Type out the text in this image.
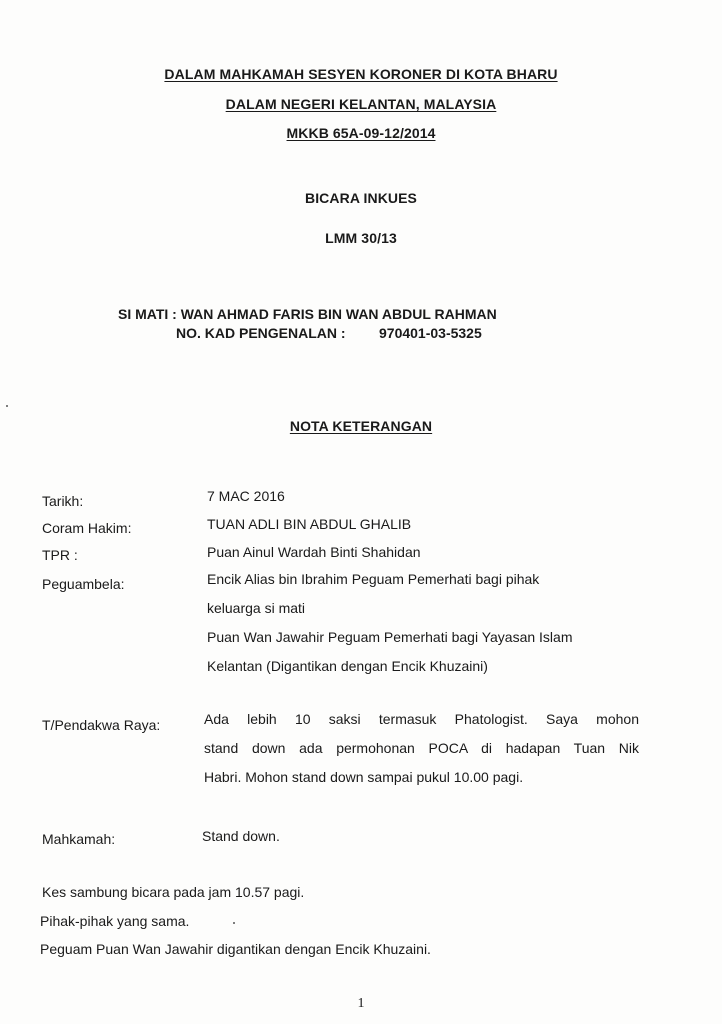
DALAM MAHKAMAH SESYEN KORONER DI KOTA BHARU
DALAM NEGERI KELANTAN, MALAYSIA
MKKB 65A-09-12/2014
BICARA INKUES
LMM 30/13
SI MATI : WAN AHMAD FARIS BIN WAN ABDUL RAHMAN
NO. KAD PENGENALAN : 970401-03-5325
NOTA KETERANGAN
Tarikh:	7 MAC 2016
Coram Hakim:	TUAN ADLI BIN ABDUL GHALIB
TPR :	Puan Ainul Wardah Binti Shahidan
Peguambela:	Encik Alias bin Ibrahim Peguam Pemerhati bagi pihak
keluarga si mati
Puan Wan Jawahir Peguam Pemerhati bagi Yayasan Islam
Kelantan (Digantikan dengan Encik Khuzaini)
T/Pendakwa Raya:	Ada lebih 10 saksi termasuk Phatologist. Saya mohon
stand down ada permohonan POCA di hadapan Tuan Nik
Habri. Mohon stand down sampai pukul 10.00 pagi.
Mahkamah:	Stand down.
Kes sambung bicara pada jam 10.57 pagi.
Pihak-pihak yang sama.
Peguam Puan Wan Jawahir digantikan dengan Encik Khuzaini.
1
